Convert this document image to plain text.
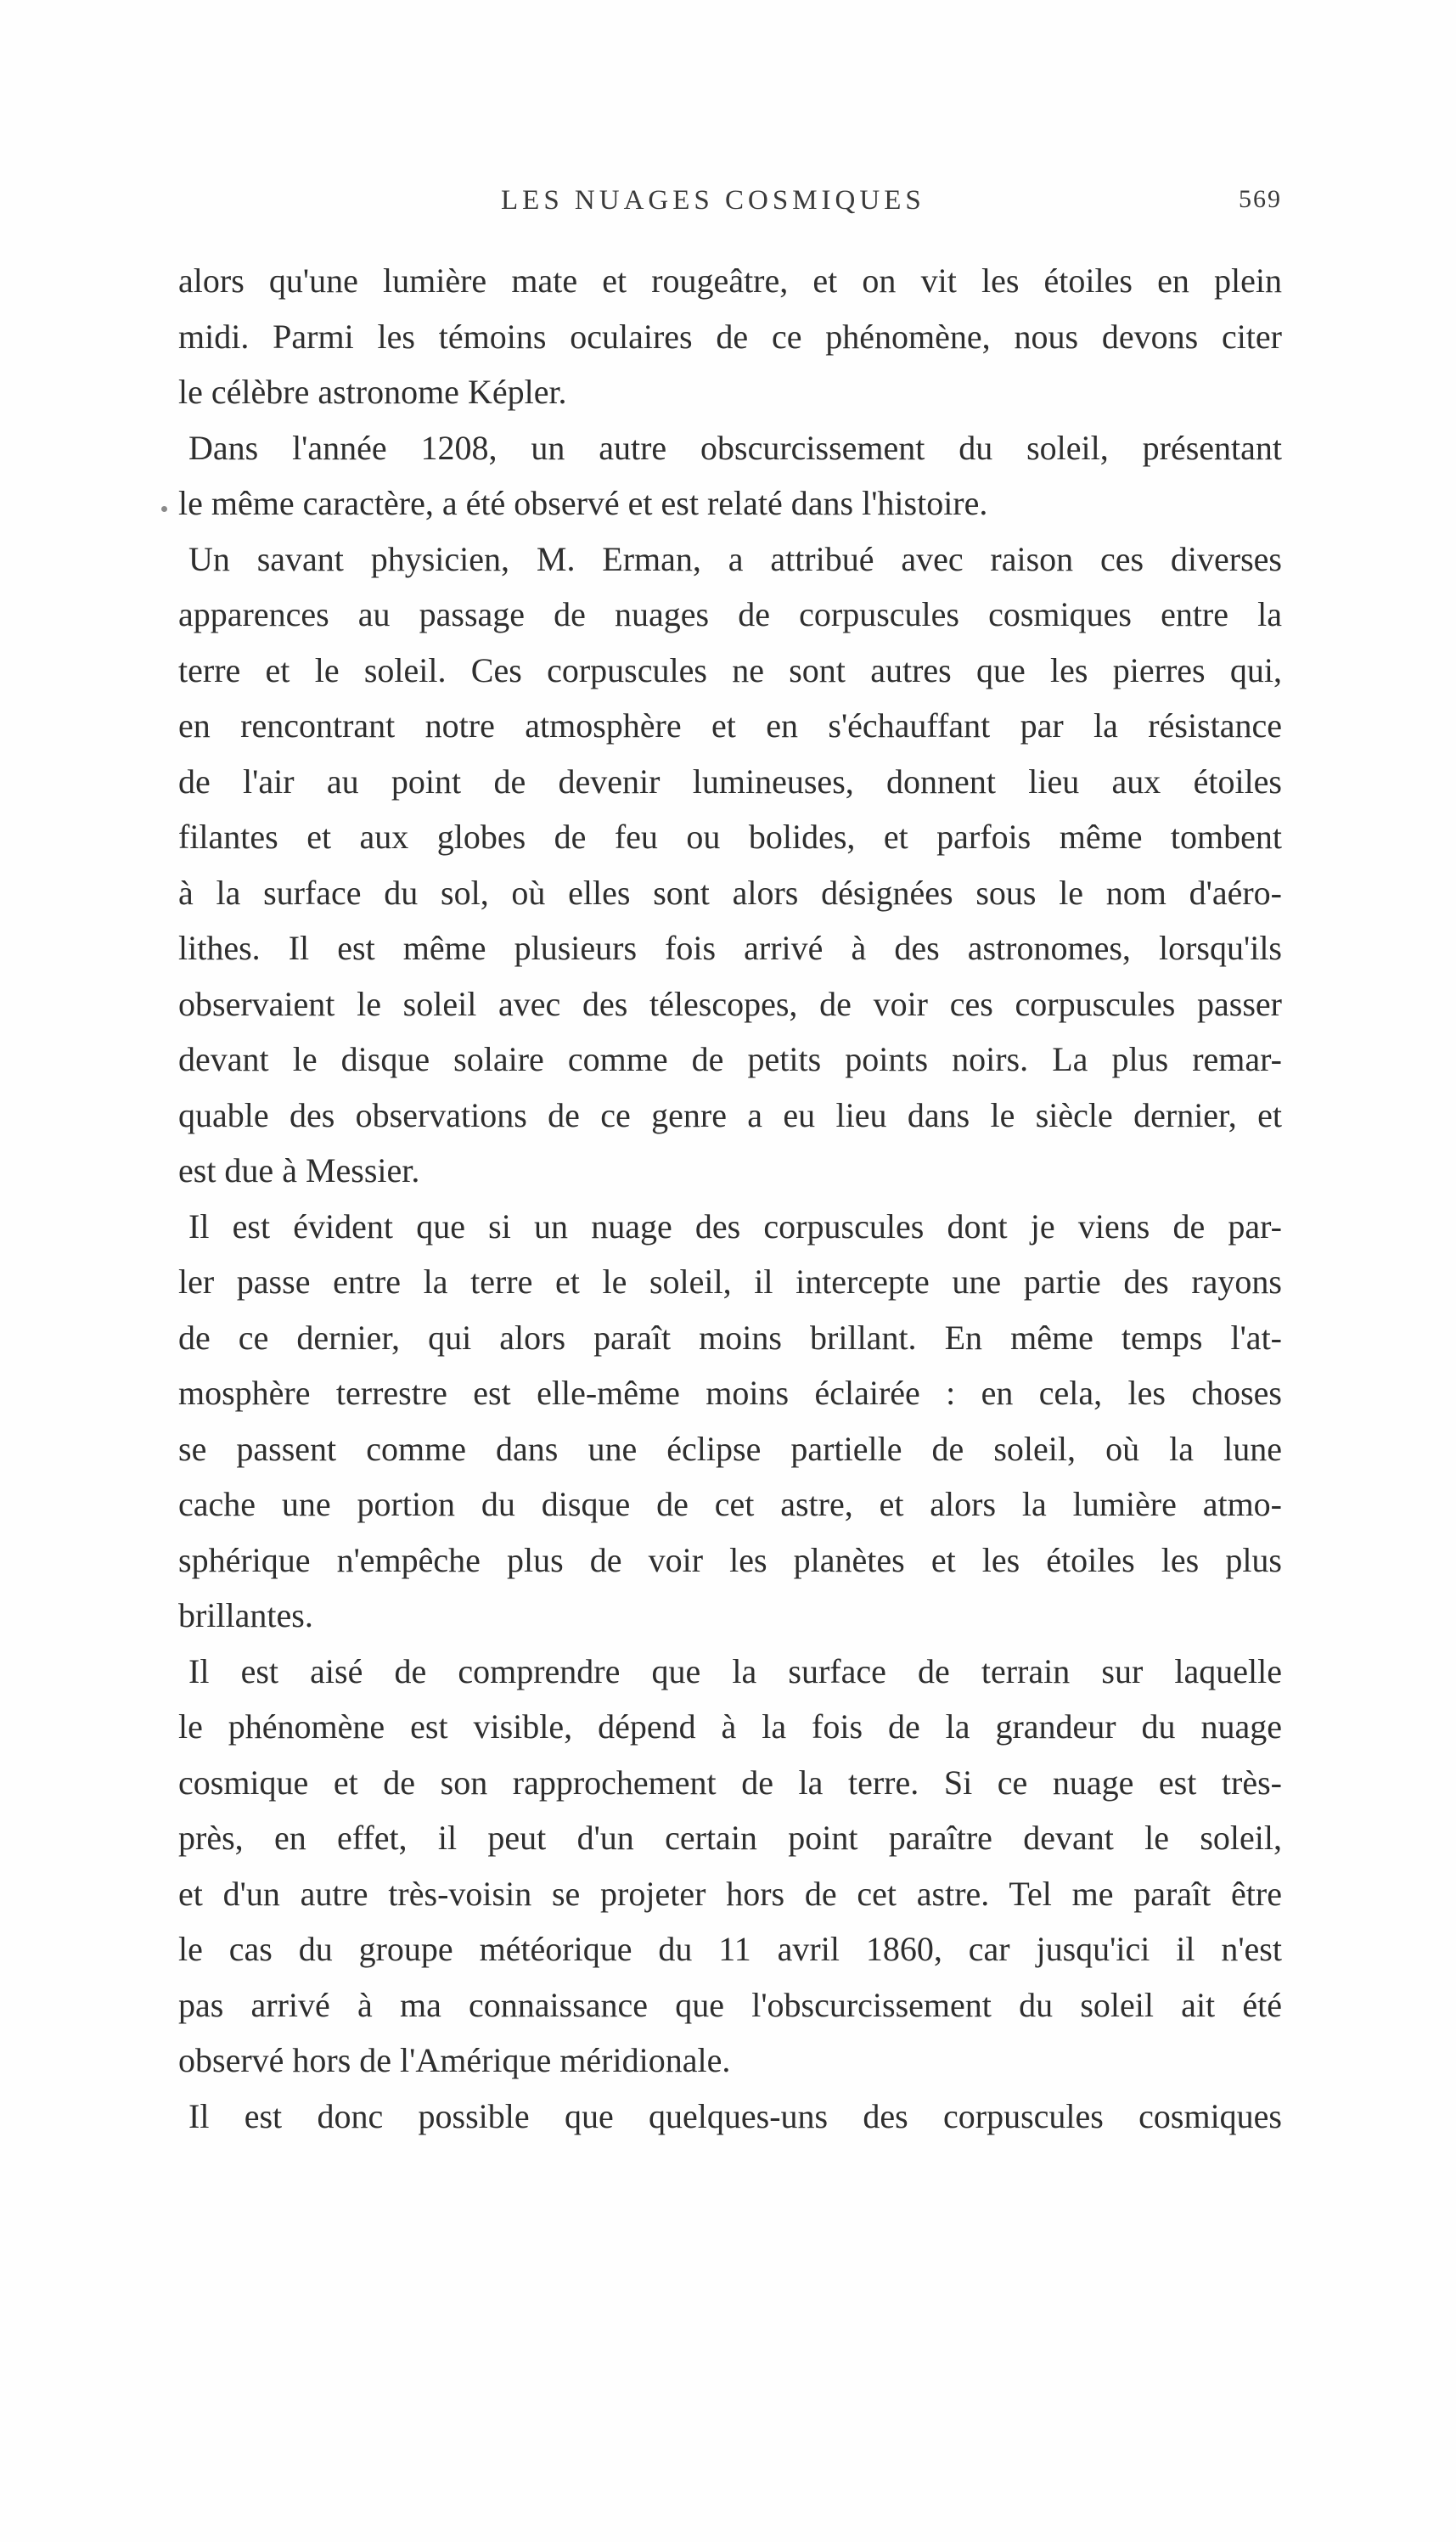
LES NUAGES COSMIQUES	569
alors qu'une lumière mate et rougeâtre, et on vit les étoiles en plein
midi. Parmi les témoins oculaires de ce phénomène, nous devons citer
le célèbre astronome Képler.
Dans l'année 1208, un autre obscurcissement du soleil, présentant
le même caractère, a été observé et est relaté dans l'histoire.
Un savant physicien, M. Erman, a attribué avec raison ces diverses
apparences au passage de nuages de corpuscules cosmiques entre la
terre et le soleil. Ces corpuscules ne sont autres que les pierres qui,
en rencontrant notre atmosphère et en s'échauffant par la résistance
de l'air au point de devenir lumineuses, donnent lieu aux étoiles
filantes et aux globes de feu ou bolides, et parfois même tombent
à la surface du sol, où elles sont alors désignées sous le nom d'aéro-
lithes. Il est même plusieurs fois arrivé à des astronomes, lorsqu'ils
observaient le soleil avec des télescopes, de voir ces corpuscules passer
devant le disque solaire comme de petits points noirs. La plus remar-
quable des observations de ce genre a eu lieu dans le siècle dernier, et
est due à Messier.
Il est évident que si un nuage des corpuscules dont je viens de par-
ler passe entre la terre et le soleil, il intercepte une partie des rayons
de ce dernier, qui alors paraît moins brillant. En même temps l'at-
mosphère terrestre est elle-même moins éclairée : en cela, les choses
se passent comme dans une éclipse partielle de soleil, où la lune
cache une portion du disque de cet astre, et alors la lumière atmo-
sphérique n'empêche plus de voir les planètes et les étoiles les plus
brillantes.
Il est aisé de comprendre que la surface de terrain sur laquelle
le phénomène est visible, dépend à la fois de la grandeur du nuage
cosmique et de son rapprochement de la terre. Si ce nuage est très-
près, en effet, il peut d'un certain point paraître devant le soleil,
et d'un autre très-voisin se projeter hors de cet astre. Tel me paraît être
le cas du groupe météorique du 11 avril 1860, car jusqu'ici il n'est
pas arrivé à ma connaissance que l'obscurcissement du soleil ait été
observé hors de l'Amérique méridionale.
Il est donc possible que quelques-uns des corpuscules cosmiques
